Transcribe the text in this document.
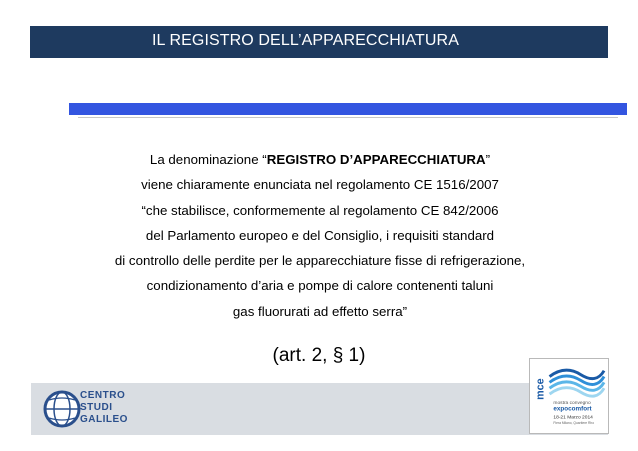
IL REGISTRO DELL’APPARECCHIATURA
La denominazione “REGISTRO D’APPARECCHIATURA”
viene chiaramente enunciata nel regolamento CE 1516/2007
“che stabilisce, conformemente al regolamento CE 842/2006
del Parlamento europeo e del Consiglio, i requisiti standard
di controllo delle perdite per le apparecchiature fisse di refrigerazione,
condizionamento d’aria e pompe di calore contenenti taluni
gas fluorurati ad effetto serra”
(art. 2, § 1)
CENTRO
STUDI
GALILEO
mce
mostra convegno
expocomfort
18-21 Marzo 2014
Fiera Milano, Quartiere Rho
